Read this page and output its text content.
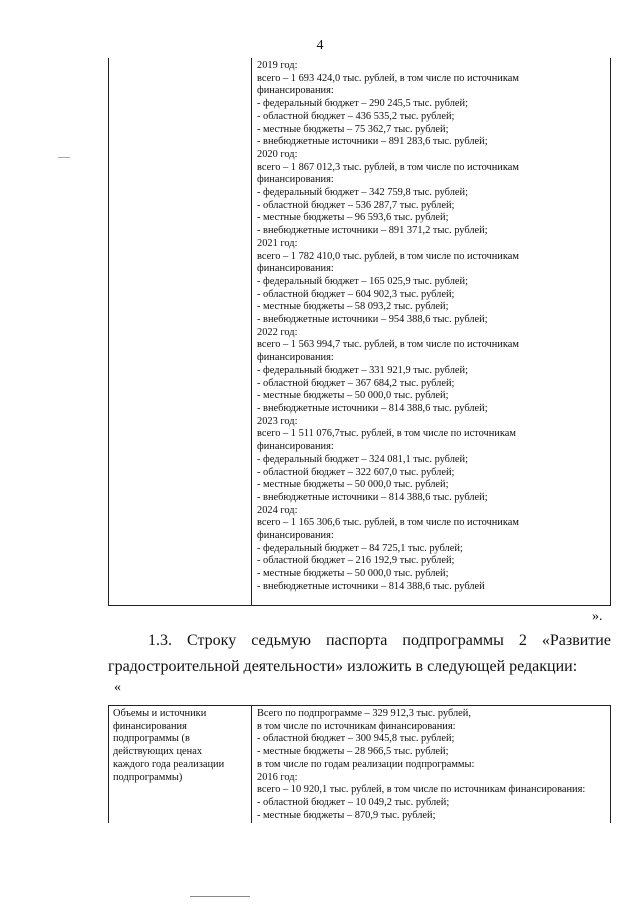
4
2019 год:
всего – 1 693 424,0 тыс. рублей, в том числе по источникам
финансирования:
- федеральный бюджет – 290 245,5 тыс. рублей;
- областной бюджет – 436 535,2 тыс. рублей;
- местные бюджеты – 75 362,7 тыс. рублей;
- внебюджетные источники – 891 283,6 тыс. рублей;
2020 год:
всего – 1 867 012,3 тыс. рублей, в том числе по источникам
финансирования:
- федеральный бюджет – 342 759,8 тыс. рублей;
- областной бюджет – 536 287,7 тыс. рублей;
- местные бюджеты – 96 593,6 тыс. рублей;
- внебюджетные источники – 891 371,2 тыс. рублей;
2021 год:
всего – 1 782 410,0 тыс. рублей, в том числе по источникам
финансирования:
- федеральный бюджет – 165 025,9 тыс. рублей;
- областной бюджет – 604 902,3 тыс. рублей;
- местные бюджеты – 58 093,2 тыс. рублей;
- внебюджетные источники – 954 388,6 тыс. рублей;
2022 год:
всего – 1 563 994,7 тыс. рублей, в том числе по источникам
финансирования:
- федеральный бюджет – 331 921,9 тыс. рублей;
- областной бюджет – 367 684,2 тыс. рублей;
- местные бюджеты – 50 000,0 тыс. рублей;
- внебюджетные источники – 814 388,6 тыс. рублей;
2023 год:
всего – 1 511 076,7тыс. рублей, в том числе по источникам
финансирования:
- федеральный бюджет – 324 081,1 тыс. рублей;
- областной бюджет – 322 607,0 тыс. рублей;
- местные бюджеты – 50 000,0 тыс. рублей;
- внебюджетные источники – 814 388,6 тыс. рублей;
2024 год:
всего – 1 165 306,6 тыс. рублей, в том числе по источникам
финансирования:
- федеральный бюджет – 84 725,1 тыс. рублей;
- областной бюджет – 216 192,9 тыс. рублей;
- местные бюджеты – 50 000,0 тыс. рублей;
- внебюджетные источники – 814 388,6 тыс. рублей
».
1.3. Строку седьмую паспорта подпрограммы 2 «Развитие
градостроительной деятельности» изложить в следующей редакции:
«
Объемы и источники
финансирования
подпрограммы (в
действующих ценах
каждого года реализации
подпрограммы)
Всего по подпрограмме – 329 912,3 тыс. рублей,
в том числе по источникам финансирования:
- областной бюджет – 300 945,8 тыс. рублей;
- местные бюджеты – 28 966,5 тыс. рублей;
в том числе по годам реализации подпрограммы:
2016 год:
всего – 10 920,1 тыс. рублей, в том числе по источникам финансирования:
- областной бюджет – 10 049,2 тыс. рублей;
- местные бюджеты – 870,9 тыс. рублей;
